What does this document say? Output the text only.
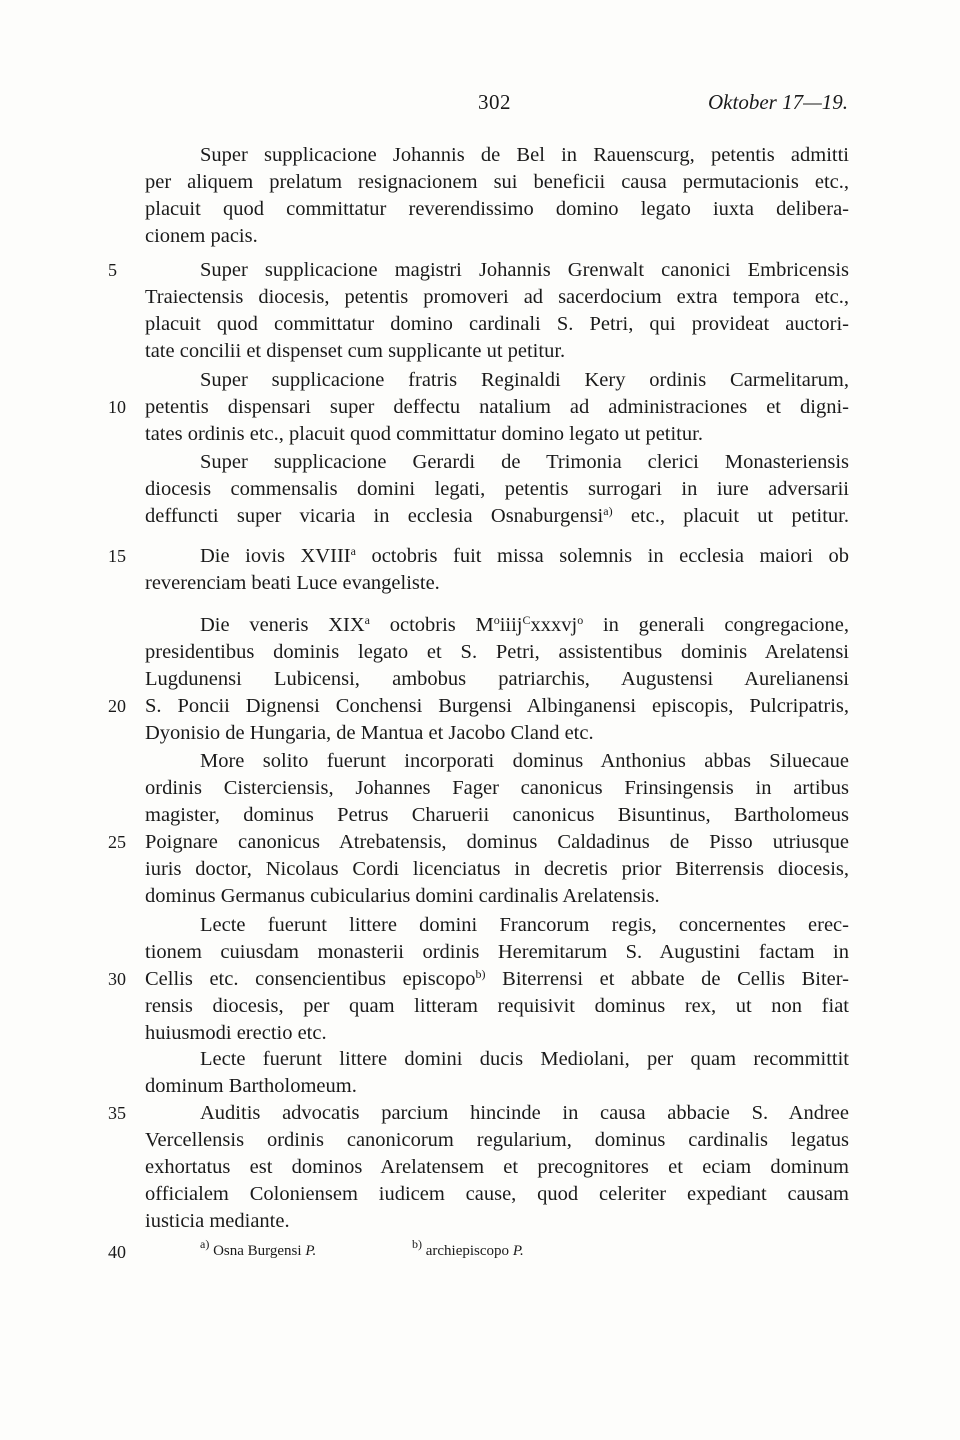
302	Oktober 17—19.
Super supplicacione Johannis de Bel in Rauenscurg, petentis admitti
per aliquem prelatum resignacionem sui beneficii causa permutacionis etc.,
placuit quod committatur reverendissimo domino legato iuxta delibera-
cionem pacis.
Super supplicacione magistri Johannis Grenwalt canonici Embricensis
Traiectensis diocesis, petentis promoveri ad sacerdocium extra tempora etc.,
placuit quod committatur domino cardinali S. Petri, qui provideat auctori-
tate concilii et dispenset cum supplicante ut petitur.
Super supplicacione fratris Reginaldi Kery ordinis Carmelitarum,
petentis dispensari super deffectu natalium ad administraciones et digni-
tates ordinis etc., placuit quod committatur domino legato ut petitur.
Super supplicacione Gerardi de Trimonia clerici Monasteriensis
diocesis commensalis domini legati, petentis surrogari in iure adversarii
deffuncti super vicaria in ecclesia Osnaburgensi$^{a)}$ etc., placuit ut petitur.
Die iovis XVIII$^a$ octobris fuit missa solemnis in ecclesia maiori ob
reverenciam beati Luce evangeliste.
Die veneris XIX$^a$ octobris $M^oiiij^Cxxxvj^o$ in generali congregacione,
presidentibus dominis legato et S. Petri, assistentibus dominis Arelatensi
Lugdunensi Lubicensi, ambobus patriarchis, Augustensi Aurelianensi
S. Poncii Dignensi Conchensi Burgensi Albinganensi episcopis, Pulcripatris,
Dyonisio de Hungaria, de Mantua et Jacobo Cland etc.
More solito fuerunt incorporati dominus Anthonius abbas Siluecaue
ordinis Cisterciensis, Johannes Fager canonicus Frinsingensis in artibus
magister, dominus Petrus Charuerii canonicus Bisuntinus, Bartholomeus
Poignare canonicus Atrebatensis, dominus Caldadinus de Pisso utriusque
iuris doctor, Nicolaus Cordi licenciatus in decretis prior Biterrensis diocesis,
dominus Germanus cubicularius domini cardinalis Arelatensis.
Lecte fuerunt littere domini Francorum regis, concernentes erec-
tionem cuiusdam monasterii ordinis Heremitarum S. Augustini factam in
Cellis etc. consencientibus episcopo$^{b)}$ Biterrensi et abbate de Cellis Biter-
rensis diocesis, per quam litteram requisivit dominus rex, ut non fiat
huiusmodi erectio etc.
Lecte fuerunt littere domini ducis Mediolani, per quam recommittit
dominum Bartholomeum.
Auditis advocatis parcium hincinde in causa abbacie S. Andree
Vercellensis ordinis canonicorum regularium, dominus cardinalis legatus
exhortatus est dominos Arelatensem et precognitores et eciam dominum
officialem Coloniensem iudicem cause, quod celeriter expediant causam
iusticia mediante.
5
10
15
20
25
30
35
40	$^{a)}$ Osna Burgensi P.	$^{b)}$ archiepiscopo P.
